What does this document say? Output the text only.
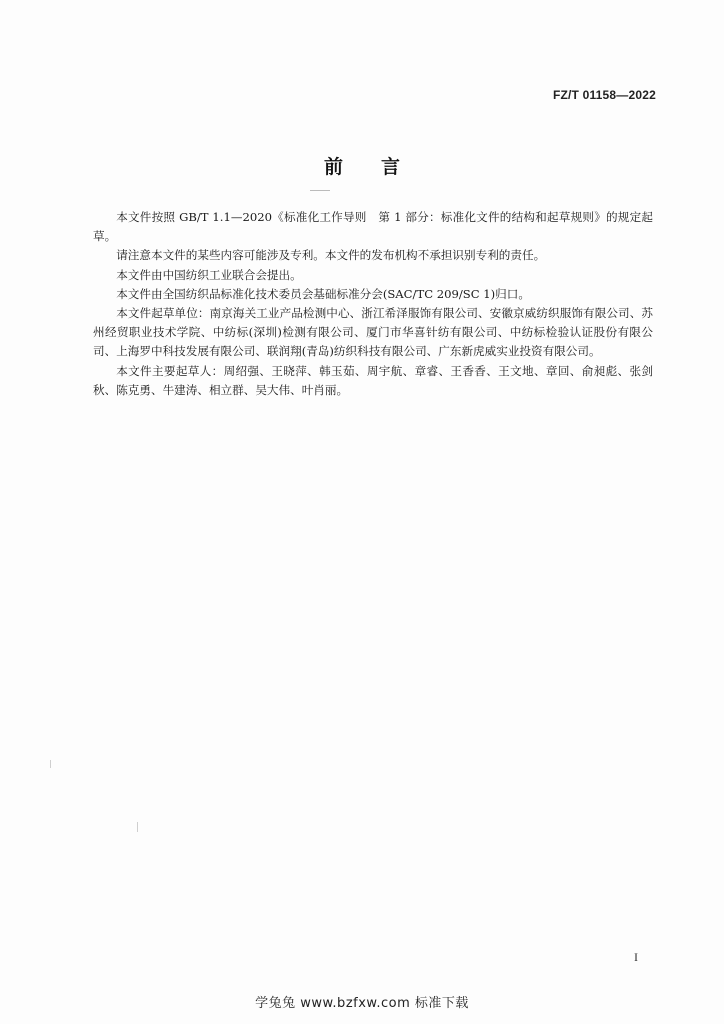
FZ/T 01158—2022
前言

本文件按照 GB/T 1.1—2020《标准化工作导则　第 1 部分：标准化文件的结构和起草规则》的规定起草。

请注意本文件的某些内容可能涉及专利。本文件的发布机构不承担识别专利的责任。

本文件由中国纺织工业联合会提出。

本文件由全国纺织品标准化技术委员会基础标准分会(SAC/TC 209/SC 1)归口。

本文件起草单位：南京海关工业产品检测中心、浙江希泽服饰有限公司、安徽京威纺织服饰有限公司、苏州经贸职业技术学院、中纺标(深圳)检测有限公司、厦门市华喜针纺有限公司、中纺标检验认证股份有限公司、上海罗中科技发展有限公司、联润翔(青岛)纺织科技有限公司、广东新虎威实业投资有限公司。

本文件主要起草人：周绍强、王晓萍、韩玉茹、周宇航、章睿、王香香、王文地、章回、俞昶彪、张剑秋、陈克勇、牛建涛、相立群、吴大伟、叶肖丽。

I
学兔兔 www.bzfxw.com 标准下载
